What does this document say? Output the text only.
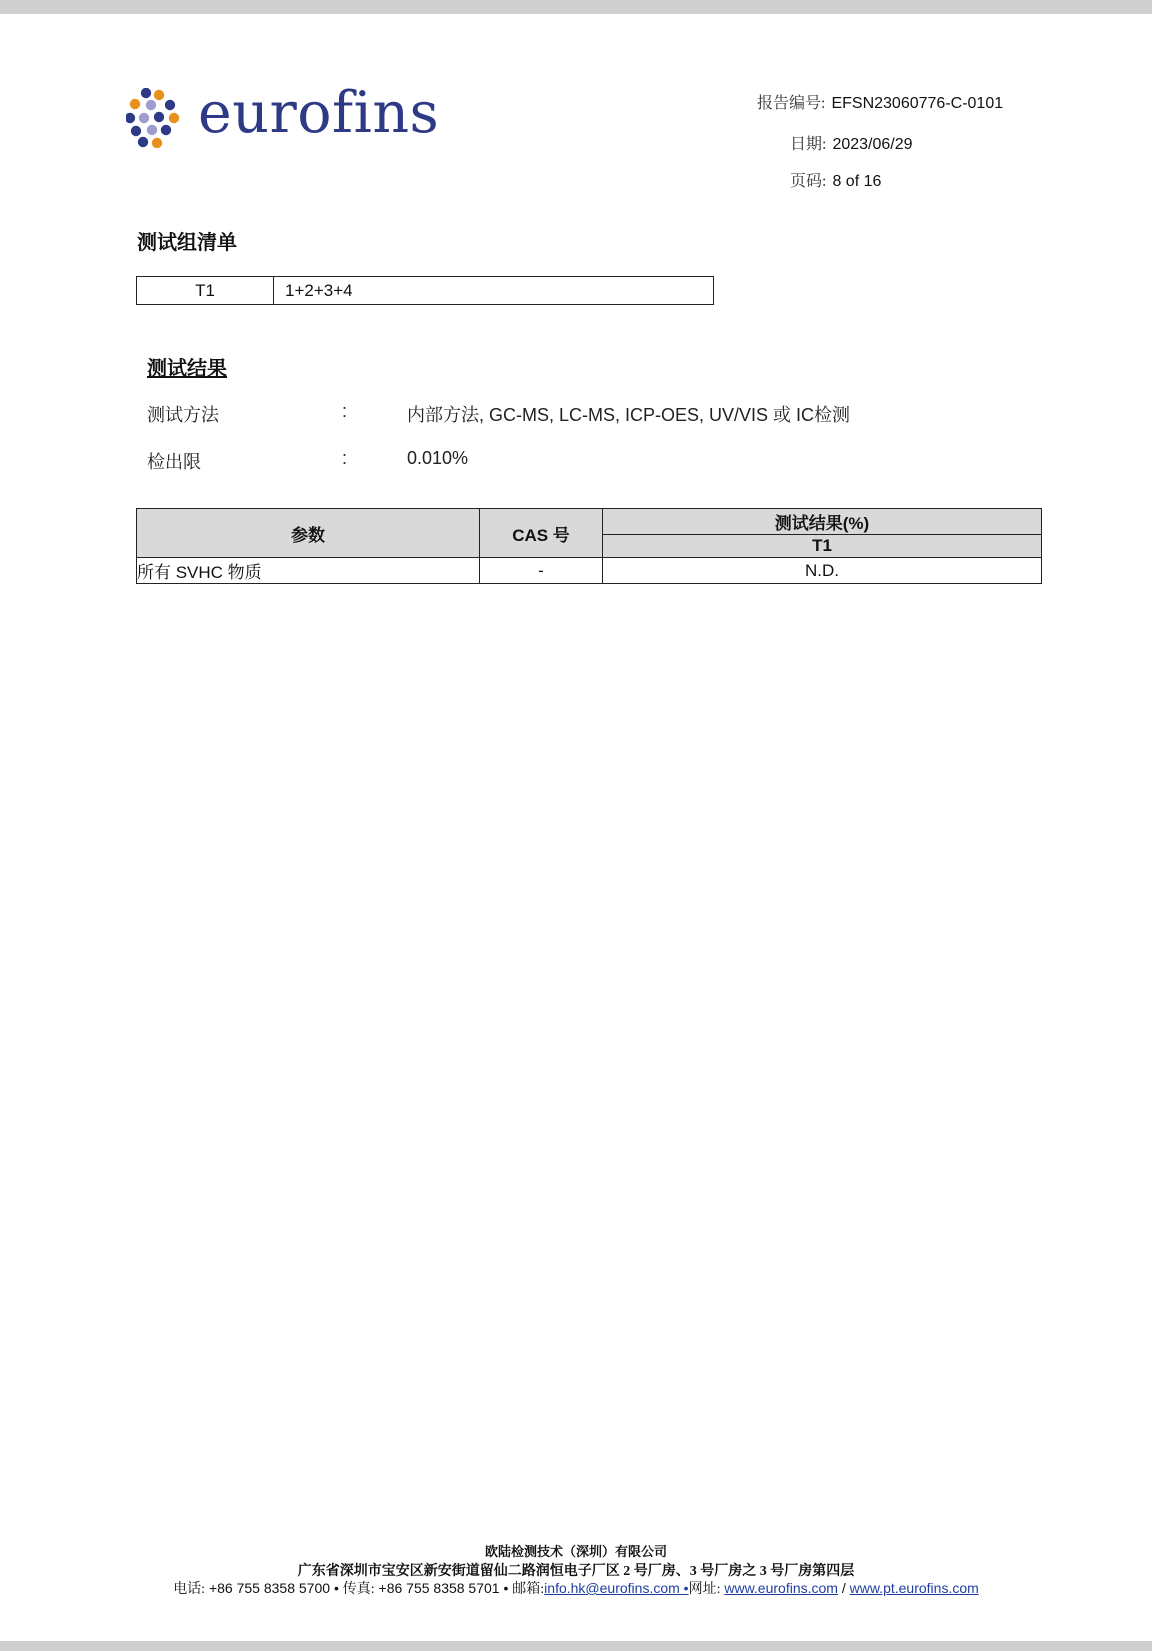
eurofins	报告编号: EFSN23060776-C-0101
日期: 2023/06/29
页码: 8 of 16
测试组清单
T1	1+2+3+4
测试结果
测试方法	:	内部方法, GC-MS, LC-MS, ICP-OES, UV/VIS 或 IC检测
检出限	:	0.010%
参数	CAS 号	测试结果(%)
		T1
所有 SVHC 物质	-	N.D.
欧陆检测技术（深圳）有限公司
广东省深圳市宝安区新安街道留仙二路润恒电子厂区 2 号厂房、3 号厂房之 3 号厂房第四层
电话: +86 755 8358 5700 • 传真: +86 755 8358 5701 • 邮箱:info.hk@eurofins.com •网址: www.eurofins.com / www.pt.eurofins.com
